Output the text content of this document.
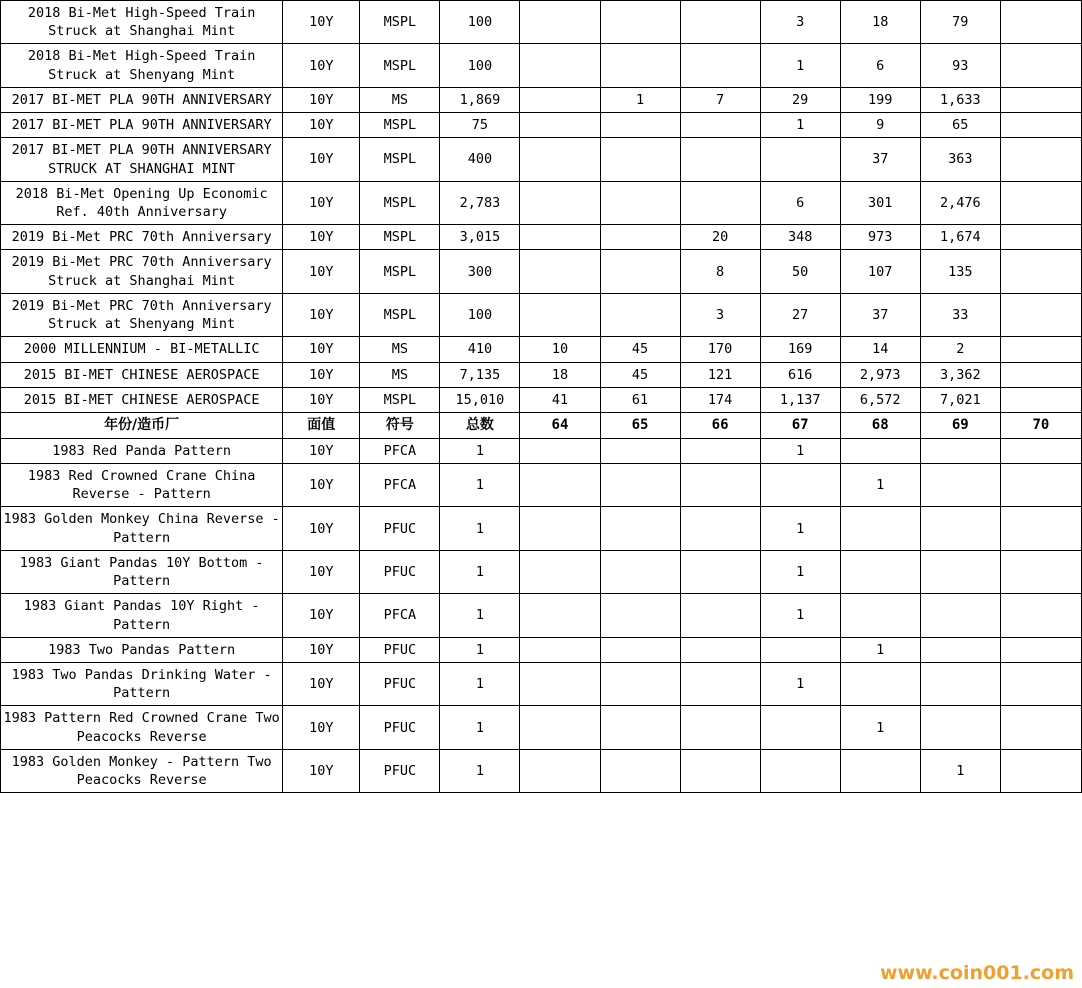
2018 Bi-Met High-Speed Train Struck at Shanghai Mint	10Y	MSPL	100				3	18	79	
2018 Bi-Met High-Speed Train Struck at Shenyang Mint	10Y	MSPL	100				1	6	93	
2017 BI-MET PLA 90TH ANNIVERSARY	10Y	MS	1,869		1	7	29	199	1,633	
2017 BI-MET PLA 90TH ANNIVERSARY	10Y	MSPL	75				1	9	65	
2017 BI-MET PLA 90TH ANNIVERSARY STRUCK AT SHANGHAI MINT	10Y	MSPL	400					37	363	
2018 Bi-Met Opening Up Economic Ref. 40th Anniversary	10Y	MSPL	2,783				6	301	2,476	
2019 Bi-Met PRC 70th Anniversary	10Y	MSPL	3,015			20	348	973	1,674	
2019 Bi-Met PRC 70th Anniversary Struck at Shanghai Mint	10Y	MSPL	300			8	50	107	135	
2019 Bi-Met PRC 70th Anniversary Struck at Shenyang Mint	10Y	MSPL	100			3	27	37	33	
2000 MILLENNIUM - BI-METALLIC	10Y	MS	410	10	45	170	169	14	2	
2015 BI-MET CHINESE AEROSPACE	10Y	MS	7,135	18	45	121	616	2,973	3,362	
2015 BI-MET CHINESE AEROSPACE	10Y	MSPL	15,010	41	61	174	1,137	6,572	7,021	
年份/造币厂	面值	符号	总数	64	65	66	67	68	69	70
1983 Red Panda Pattern	10Y	PFCA	1				1			
1983 Red Crowned Crane China Reverse - Pattern	10Y	PFCA	1					1		
1983 Golden Monkey China Reverse - Pattern	10Y	PFUC	1				1			
1983 Giant Pandas 10Y Bottom - Pattern	10Y	PFUC	1				1			
1983 Giant Pandas 10Y Right - Pattern	10Y	PFCA	1				1			
1983 Two Pandas Pattern	10Y	PFUC	1					1		
1983 Two Pandas Drinking Water - Pattern	10Y	PFUC	1				1			
1983 Pattern Red Crowned Crane Two Peacocks Reverse	10Y	PFUC	1					1		
1983 Golden Monkey - Pattern Two Peacocks Reverse	10Y	PFUC	1						1	
www.coin001.com
